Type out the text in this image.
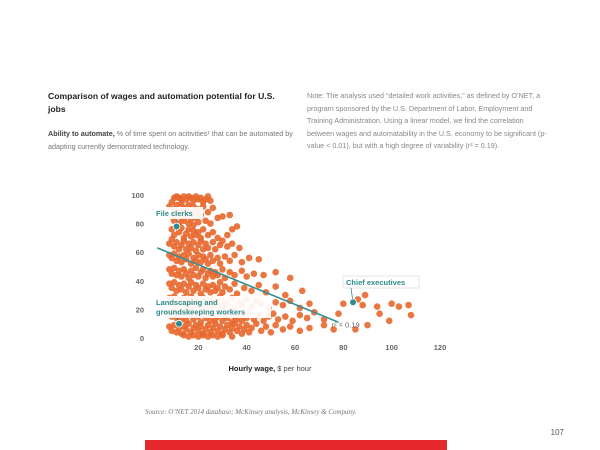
Comparison of wages and automation potential for U.S. jobs
Ability to automate, % of time spent on acitivities¹ that can be automated by adapting currently demonstrated technology.
Note: The analysis used “detailed work activities,” as defined by O’NET, a program sponsored by the U.S. Department of Labor, Employment and Training Administration. Using a linear model, we find the correlation between wages and automatability in the U.S. economy to be significant (p-value < 0.01), but with a high degree of variability (r² = 0.19).
0
20
40
60
80
100
20	40	60	80	100	120
Hourly wage, $ per hour
r² = 0.19
File clerks
Chief executives
Landscaping and groundskeeping workers
Source: O’NET 2014 database; McKinsey analysis, McKinsey & Company.
107
